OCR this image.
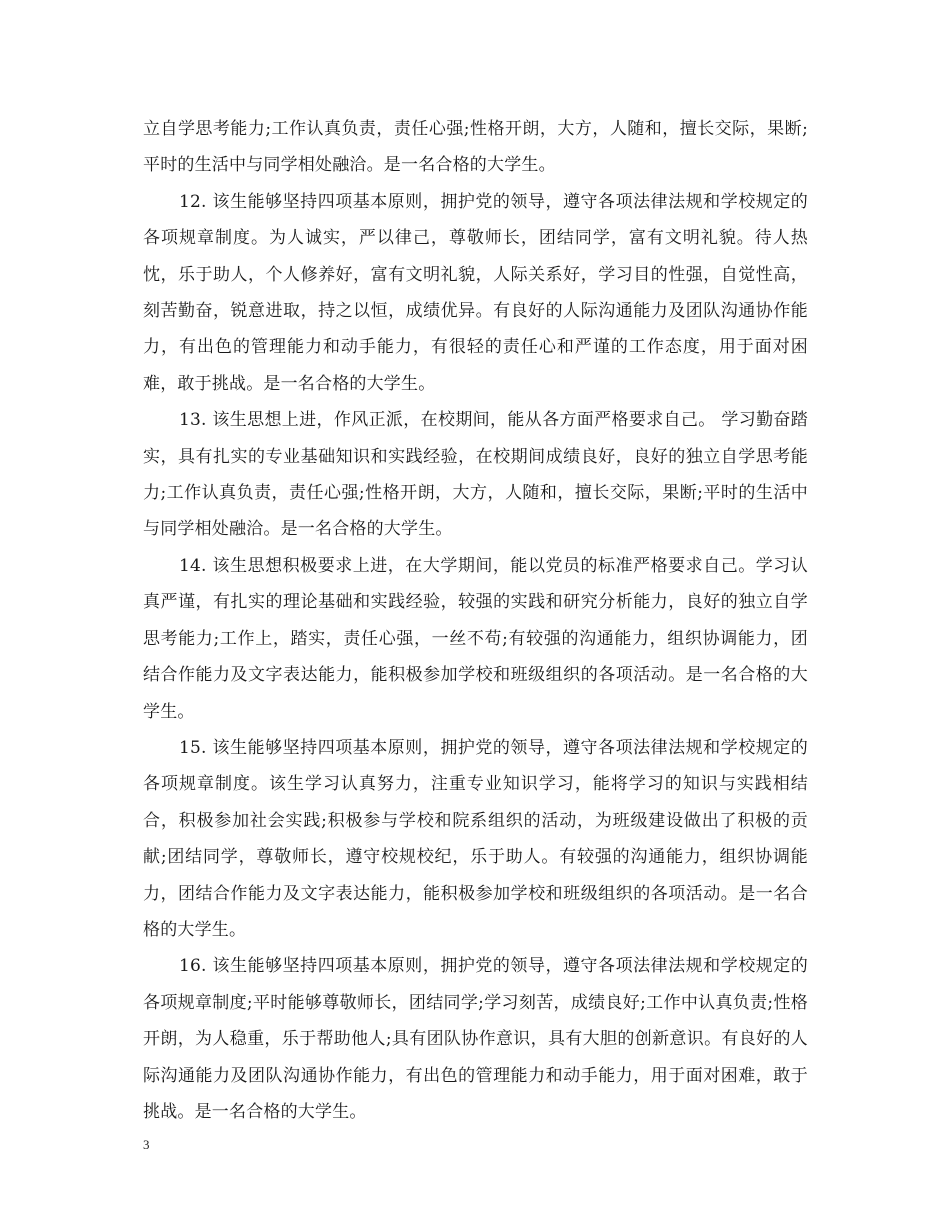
立自学思考能力;工作认真负责，责任心强;性格开朗，大方，人随和，擅长交际，果断;平时的生活中与同学相处融洽。是一名合格的大学生。

12. 该生能够坚持四项基本原则，拥护党的领导，遵守各项法律法规和学校规定的各项规章制度。为人诚实，严以律己，尊敬师长，团结同学，富有文明礼貌。待人热忱，乐于助人，个人修养好，富有文明礼貌，人际关系好，学习目的性强，自觉性高，刻苦勤奋，锐意进取，持之以恒，成绩优异。有良好的人际沟通能力及团队沟通协作能力，有出色的管理能力和动手能力，有很轻的责任心和严谨的工作态度，用于面对困难，敢于挑战。是一名合格的大学生。

13. 该生思想上进，作风正派，在校期间，能从各方面严格要求自己。 学习勤奋踏实，具有扎实的专业基础知识和实践经验，在校期间成绩良好，良好的独立自学思考能力;工作认真负责，责任心强;性格开朗，大方，人随和，擅长交际，果断;平时的生活中与同学相处融洽。是一名合格的大学生。

14. 该生思想积极要求上进，在大学期间，能以党员的标准严格要求自己。学习认真严谨，有扎实的理论基础和实践经验，较强的实践和研究分析能力，良好的独立自学思考能力;工作上，踏实，责任心强，一丝不苟;有较强的沟通能力，组织协调能力，团结合作能力及文字表达能力，能积极参加学校和班级组织的各项活动。是一名合格的大学生。

15. 该生能够坚持四项基本原则，拥护党的领导，遵守各项法律法规和学校规定的各项规章制度。该生学习认真努力，注重专业知识学习，能将学习的知识与实践相结合，积极参加社会实践;积极参与学校和院系组织的活动，为班级建设做出了积极的贡献;团结同学，尊敬师长，遵守校规校纪，乐于助人。有较强的沟通能力，组织协调能力，团结合作能力及文字表达能力，能积极参加学校和班级组织的各项活动。是一名合格的大学生。

16. 该生能够坚持四项基本原则，拥护党的领导，遵守各项法律法规和学校规定的各项规章制度;平时能够尊敬师长，团结同学;学习刻苦，成绩良好;工作中认真负责;性格开朗，为人稳重，乐于帮助他人;具有团队协作意识，具有大胆的创新意识。有良好的人际沟通能力及团队沟通协作能力，有出色的管理能力和动手能力，用于面对困难，敢于挑战。是一名合格的大学生。

3
